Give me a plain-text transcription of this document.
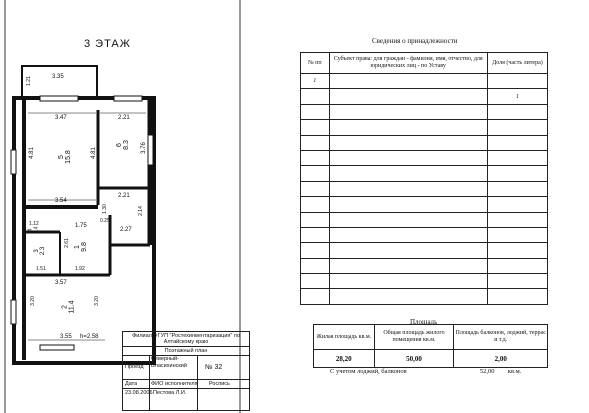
3 ЭТАЖ
3.35
1.21
3.47	2.21
4.81	4.81	3.76
2.21
3.54
1.30	2.14
0.25
1.75
2.27
1.12
2.61
1.51	1.92
3.57
3.20	3.20
3.55 h=2.58
5
15.8
6
8.3
4
1.4
1
9.8
3
2.3
2
11.4
Филиал ФГУП "Ростехинвентаризация" по Алтайскому краю
Поэтажный план
Проезд
Северный-Власихинский	№ 32
Дата	ФИО исполнителя Роспись
23.08.2006 Пестова Л.И.
Сведения о принадлежности
№ пп	Субъект права: для граждан - фамилия, имя, отчество, для юридических лиц - по Уставу	Доля (часть литера)
1		
		1

Площадь
Жилая площадь кв.м.	Общая площадь жилого помещения кв.м.	Площадь балконов, лоджий, террас и т.д.
28,20	50,00	2,00
С учетом лоджий, балконов	52,00 кв.м.
